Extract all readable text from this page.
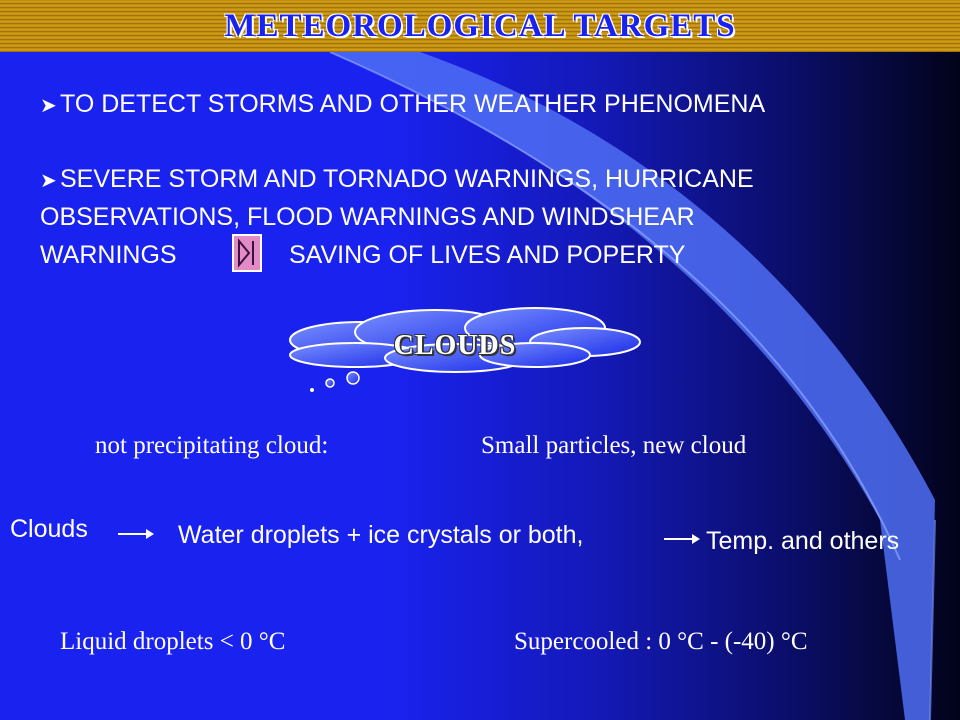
METEOROLOGICAL TARGETS
➤ TO DETECT STORMS AND OTHER WEATHER PHENOMENA
➤ SEVERE STORM AND TORNADO WARNINGS, HURRICANE
OBSERVATIONS, FLOOD WARNINGS AND WINDSHEAR
WARNINGS	SAVING OF LIVES AND POPERTY
CLOUDS
not precipitating cloud:	Small particles, new cloud
Clouds	Water droplets + ice crystals or both,	Temp. and others
Liquid droplets < 0 °C	Supercooled : 0 °C - (-40) °C
